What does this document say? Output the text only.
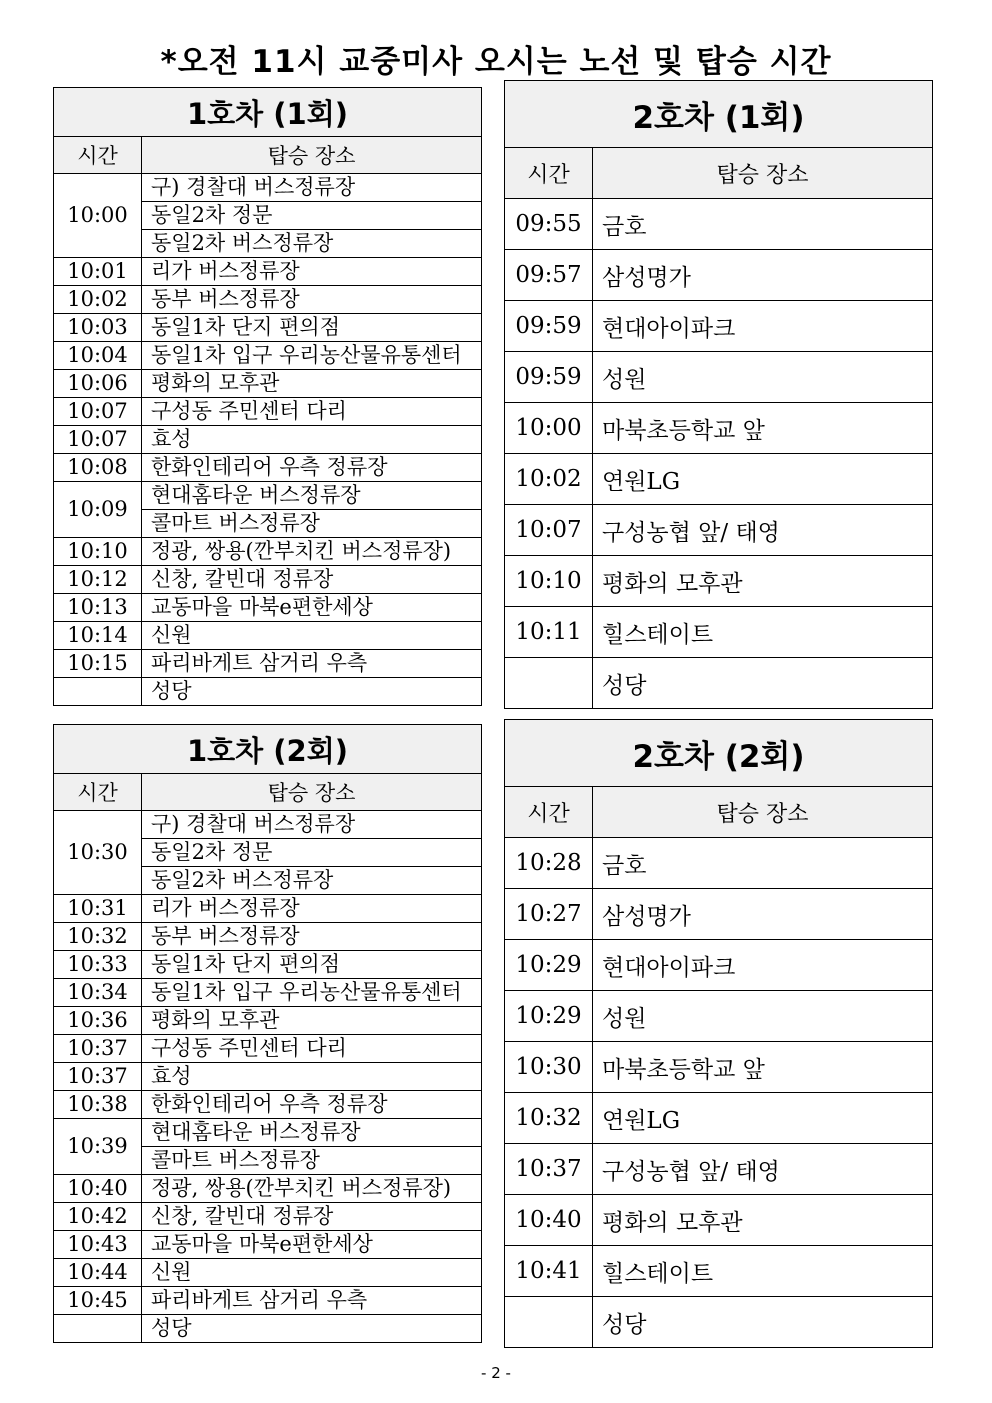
*오전 11시 교중미사 오시는 노선 및 탑승 시간
1호차 (1회)	
시간	탑승 장소
10:00	구) 경찰대 버스정류장
	동일2차 정문
	동일2차 버스정류장
10:01	리가 버스정류장
10:02	동부 버스정류장
10:03	동일1차 단지 편의점
10:04	동일1차 입구 우리농산물유통센터
10:06	평화의 모후관
10:07	구성동 주민센터 다리
10:07	효성
10:08	한화인테리어 우측 정류장
10:09	현대홈타운 버스정류장
	콜마트 버스정류장
10:10	정광, 쌍용(깐부치킨 버스정류장)
10:12	신창, 칼빈대 정류장
10:13	교동마을 마북e편한세상
10:14	신원
10:15	파리바게트 삼거리 우측
	성당
2호차 (1회)	
시간	탑승 장소
09:55	금호
09:57	삼성명가
09:59	현대아이파크
09:59	성원
10:00	마북초등학교 앞
10:02	연원LG
10:07	구성농협 앞/ 태영
10:10	평화의 모후관
10:11	힐스테이트
	성당
1호차 (2회)	
시간	탑승 장소
10:30	구) 경찰대 버스정류장
	동일2차 정문
	동일2차 버스정류장
10:31	리가 버스정류장
10:32	동부 버스정류장
10:33	동일1차 단지 편의점
10:34	동일1차 입구 우리농산물유통센터
10:36	평화의 모후관
10:37	구성동 주민센터 다리
10:37	효성
10:38	한화인테리어 우측 정류장
10:39	현대홈타운 버스정류장
	콜마트 버스정류장
10:40	정광, 쌍용(깐부치킨 버스정류장)
10:42	신창, 칼빈대 정류장
10:43	교동마을 마북e편한세상
10:44	신원
10:45	파리바게트 삼거리 우측
	성당
2호차 (2회)	
시간	탑승 장소
10:28	금호
10:27	삼성명가
10:29	현대아이파크
10:29	성원
10:30	마북초등학교 앞
10:32	연원LG
10:37	구성농협 앞/ 태영
10:40	평화의 모후관
10:41	힐스테이트
	성당
- 2 -
